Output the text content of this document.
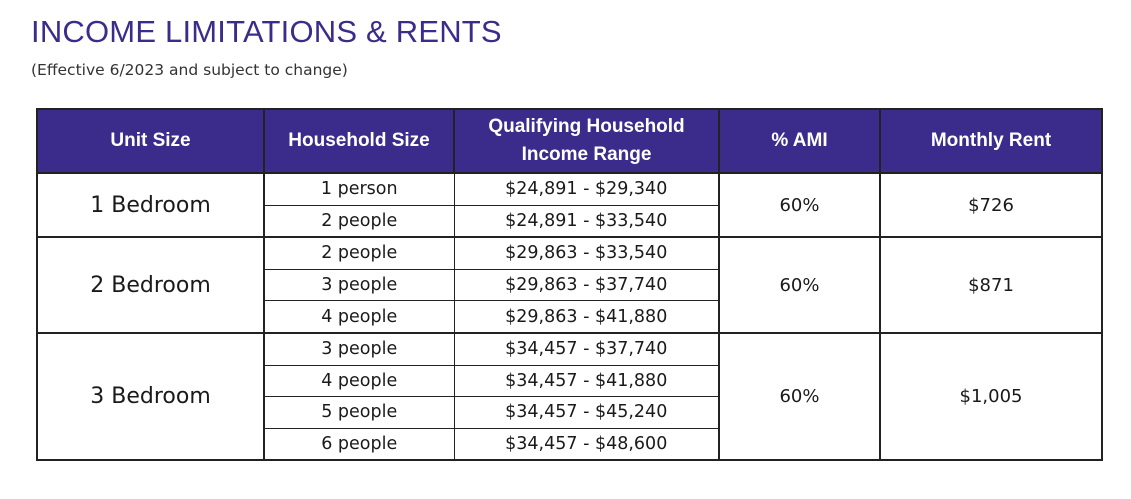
INCOME LIMITATIONS & RENTS

(Effective 6/2023 and subject to change)

Unit Size	Household Size	Qualifying Household Income Range	% AMI	Monthly Rent
1 Bedroom	1 person	$24,891 - $29,340	60%	$726
	2 people	$24,891 - $33,540		
2 Bedroom	2 people	$29,863 - $33,540	60%	$871
	3 people	$29,863 - $37,740		
	4 people	$29,863 - $41,880		
3 Bedroom	3 people	$34,457 - $37,740	60%	$1,005
	4 people	$34,457 - $41,880		
	5 people	$34,457 - $45,240		
	6 people	$34,457 - $48,600		
